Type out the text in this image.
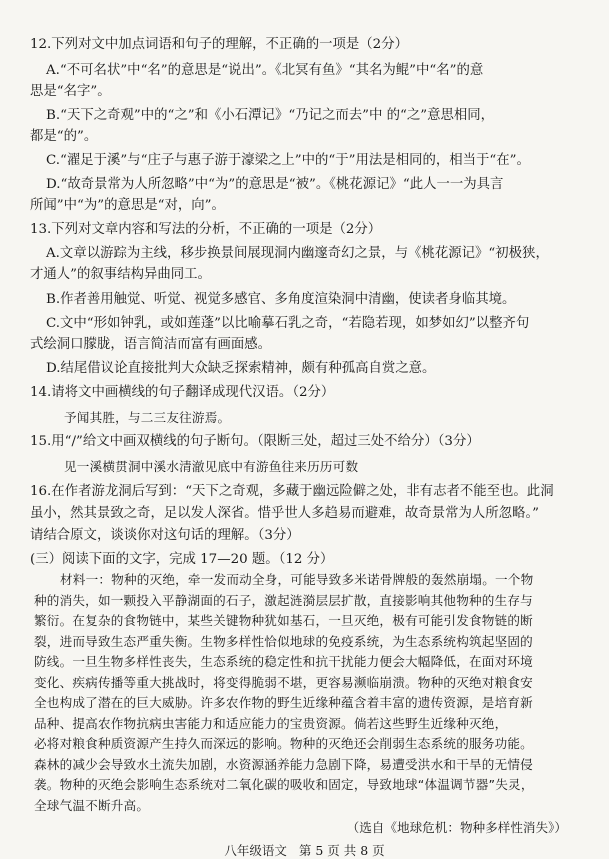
12.下列对文中加点词语和句子的理解，不正确的一项是（2分）
A.“不可名状”中“名”的意思是“说出”。《北冥有鱼》“其名为鲲”中“名”的意
思是“名字”。
B.“天下之奇观”中的“之”和《小石潭记》“乃记之而去”中 的“之”意思相同，
都是“的”。
C.“濯足于溪”与“庄子与惠子游于濠梁之上”中的“于”用法是相同的，相当于“在”。
D.“故奇景常为人所忽略”中“为”的意思是“被”。《桃花源记》“此人一一为具言
所闻”中“为”的意思是“对，向”。
13.下列对文章内容和写法的分析，不正确的一项是（2分）
A.文章以游踪为主线，移步换景间展现洞内幽邃奇幻之景，与《桃花源记》“初极狭，
才通人”的叙事结构异曲同工。
B.作者善用触觉、听觉、视觉多感官、多角度渲染洞中清幽，使读者身临其境。
C.文中“形如钟乳，或如莲蓬”以比喻摹石乳之奇，“若隐若现，如梦如幻”以整齐句
式绘洞口朦胧，语言简洁而富有画面感。
D.结尾借议论直接批判大众缺乏探索精神，颇有种孤高自赏之意。
14.请将文中画横线的句子翻译成现代汉语。（2分）
予闻其胜，与二三友往游焉。
15.用“/”给文中画双横线的句子断句。（限断三处，超过三处不给分）（3分）
见一溪横贯洞中溪水清澈见底中有游鱼往来历历可数
16.在作者游龙洞后写到：“天下之奇观，多藏于幽远险僻之处，非有志者不能至也。此洞
虽小，然其景致之奇，足以发人深省。惜乎世人多趋易而避难，故奇景常为人所忽略。”
请结合原文，谈谈你对这句话的理解。（3分）
(三）阅读下面的文字，完成 17—20 题。（12 分）
材料一：物种的灭绝，牵一发而动全身，可能导致多米诺骨牌般的轰然崩塌。一个物
种的消失，如一颗投入平静湖面的石子，激起涟漪层层扩散，直接影响其他物种的生存与
繁衍。在复杂的食物链中，某些关键物种犹如基石，一旦灭绝，极有可能引发食物链的断
裂，进而导致生态严重失衡。生物多样性恰似地球的免疫系统，为生态系统构筑起坚固的
防线。一旦生物多样性丧失，生态系统的稳定性和抗干扰能力便会大幅降低，在面对环境
变化、疾病传播等重大挑战时，将变得脆弱不堪，更容易濒临崩溃。物种的灭绝对粮食安
全也构成了潜在的巨大威胁。许多农作物的野生近缘种蕴含着丰富的遗传资源，是培育新
品种、提高农作物抗病虫害能力和适应能力的宝贵资源。倘若这些野生近缘种灭绝，
必将对粮食种质资源产生持久而深远的影响。物种的灭绝还会削弱生态系统的服务功能。
森林的减少会导致水土流失加剧，水资源涵养能力急剧下降，易遭受洪水和干旱的无情侵
袭。物种的灭绝会影响生态系统对二氧化碳的吸收和固定，导致地球“体温调节器”失灵，
全球气温不断升高。
（选自《地球危机：物种多样性消失》）
八年级语文 第 5 页 共 8 页
